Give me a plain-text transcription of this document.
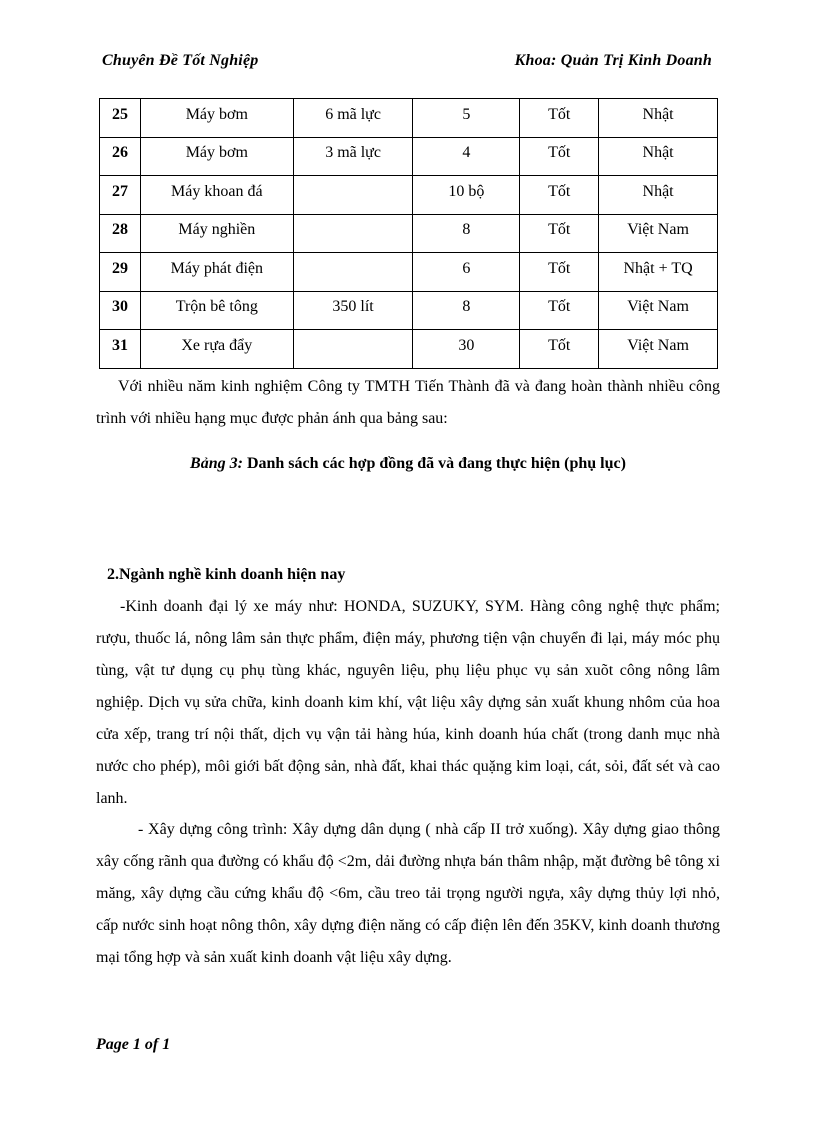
Chuyên Đề Tốt Nghiệp	Khoa: Quản Trị Kinh Doanh
25	Máy bơm	6 mã lực	5	Tốt	Nhật
26	Máy bơm	3 mã lực	4	Tốt	Nhật
27	Máy khoan đá		10 bộ	Tốt	Nhật
28	Máy nghiền		8	Tốt	Việt Nam
29	Máy phát điện		6	Tốt	Nhật + TQ
30	Trộn bê tông	350 lít	8	Tốt	Việt Nam
31	Xe rựa đẩy		30	Tốt	Việt Nam
Với nhiều năm kinh nghiệm Công ty TMTH Tiến Thành đã và đang hoàn thành nhiều công trình với nhiều hạng mục được phản ánh qua bảng sau:
Bảng 3: Danh sách các hợp đồng đã và đang thực hiện (phụ lục)
2.Ngành nghề kinh doanh hiện nay
-Kinh doanh đại lý xe máy như: HONDA, SUZUKY, SYM. Hàng công nghệ thực phẩm; rượu, thuốc lá, nông lâm sản thực phẩm, điện máy, phương tiện vận chuyển đi lại, máy móc phụ tùng, vật tư dụng cụ phụ tùng khác, nguyên liệu, phụ liệu phục vụ sản xuõt công nông lâm nghiệp. Dịch vụ sửa chữa, kinh doanh kim khí, vật liệu xây dựng sản xuất khung nhôm của hoa cửa xếp, trang trí nội thất, dịch vụ vận tải hàng húa, kinh doanh húa chất (trong danh mục nhà nước cho phép), môi giới bất động sản, nhà đất, khai thác quặng kim loại, cát, sỏi, đất sét và cao lanh.
- Xây dựng công trình: Xây dựng dân dụng ( nhà cấp II trở xuống). Xây dựng giao thông xây cống rãnh qua đường có khẩu độ <2m, dải đường nhựa bán thâm nhập, mặt đường bê tông xi măng, xây dựng cầu cứng khẩu độ <6m, cầu treo tải trọng người ngựa, xây dựng thủy lợi nhỏ, cấp nước sinh hoạt nông thôn, xây dựng điện năng có cấp điện lên đến 35KV, kinh doanh thương mại tổng hợp và sản xuất kinh doanh vật liệu xây dựng.
Page 1 of 1
